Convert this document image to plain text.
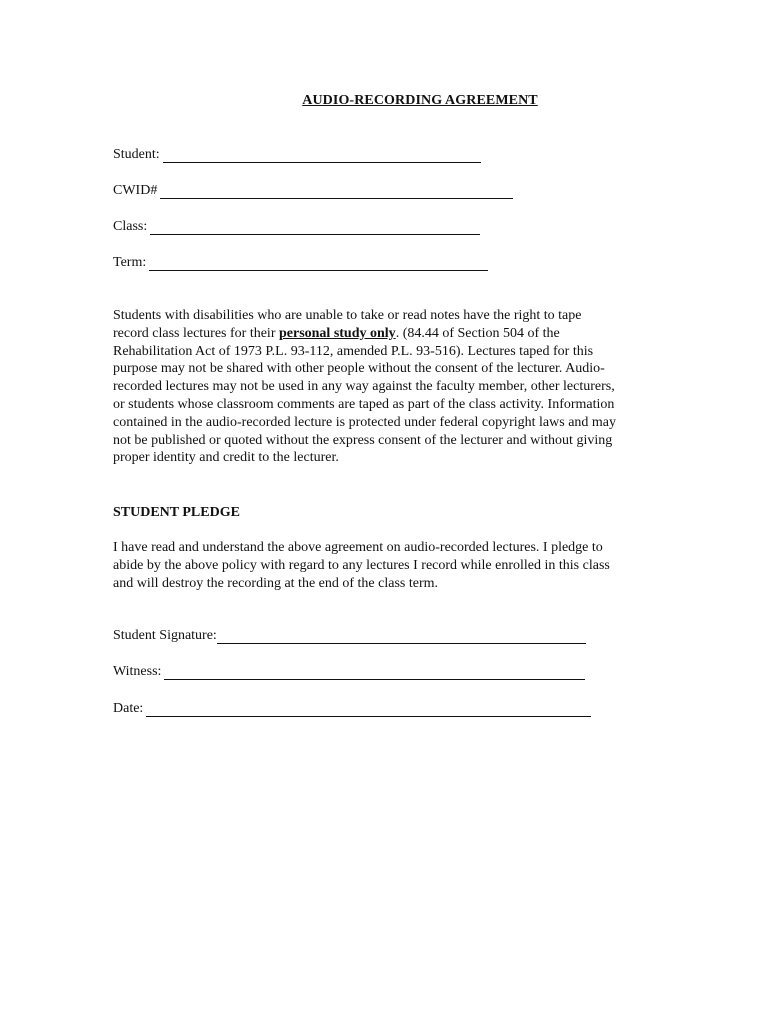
AUDIO-RECORDING AGREEMENT
Student:
CWID#
Class:
Term:
Students with disabilities who are unable to take or read notes have the right to tape
record class lectures for their personal study only. (84.44 of Section 504 of the
Rehabilitation Act of 1973 P.L. 93-112, amended P.L. 93-516). Lectures taped for this
purpose may not be shared with other people without the consent of the lecturer. Audio-
recorded lectures may not be used in any way against the faculty member, other lecturers,
or students whose classroom comments are taped as part of the class activity. Information
contained in the audio-recorded lecture is protected under federal copyright laws and may
not be published or quoted without the express consent of the lecturer and without giving
proper identity and credit to the lecturer.
STUDENT PLEDGE
I have read and understand the above agreement on audio-recorded lectures. I pledge to
abide by the above policy with regard to any lectures I record while enrolled in this class
and will destroy the recording at the end of the class term.
Student Signature:
Witness:
Date:
